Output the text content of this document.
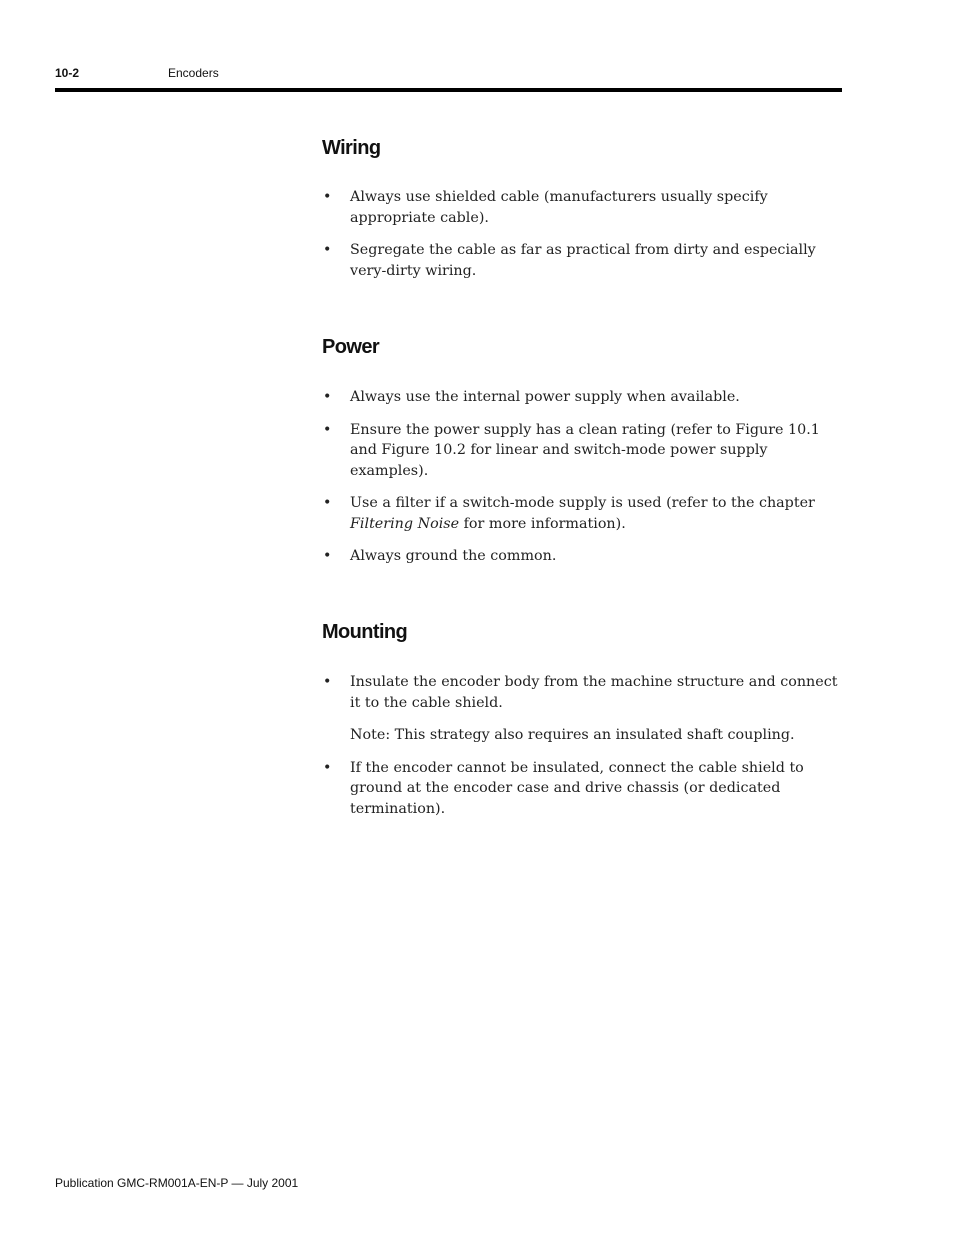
10-2	Encoders
Wiring
• Always use shielded cable (manufacturers usually specify appropriate cable).
• Segregate the cable as far as practical from dirty and especially very-dirty wiring.
Power
• Always use the internal power supply when available.
• Ensure the power supply has a clean rating (refer to Figure 10.1 and Figure 10.2 for linear and switch-mode power supply examples).
• Use a filter if a switch-mode supply is used (refer to the chapter Filtering Noise for more information).
• Always ground the common.
Mounting
• Insulate the encoder body from the machine structure and connect it to the cable shield.
Note: This strategy also requires an insulated shaft coupling.
• If the encoder cannot be insulated, connect the cable shield to ground at the encoder case and drive chassis (or dedicated termination).
Publication GMC-RM001A-EN-P — July 2001
